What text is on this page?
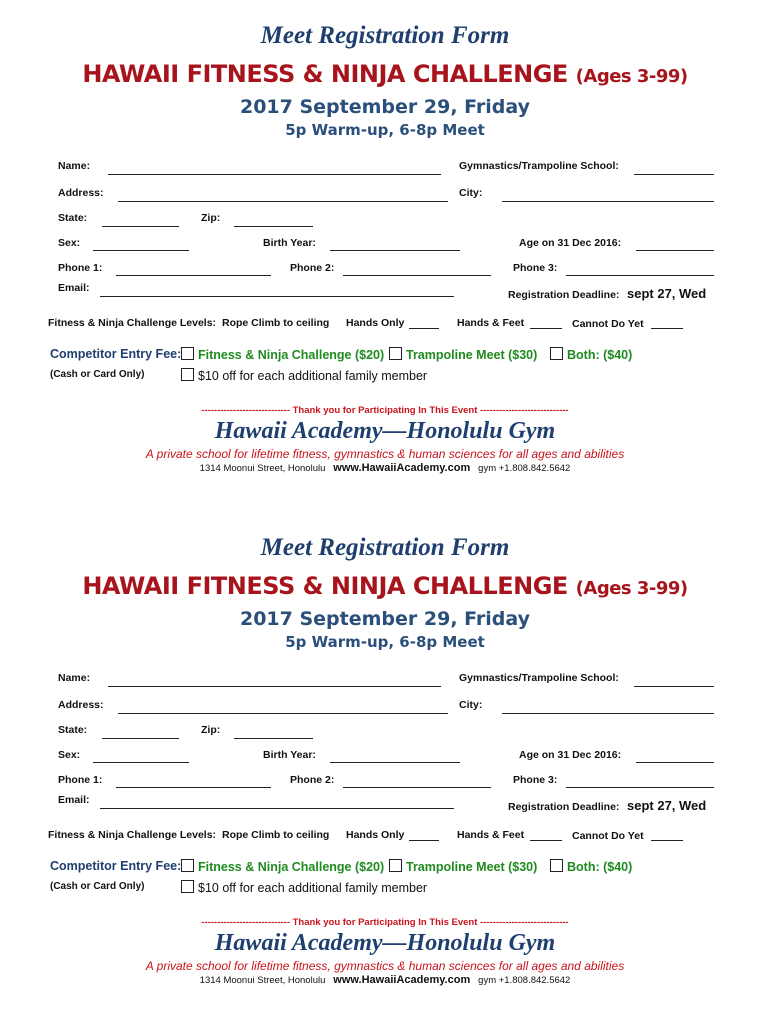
Meet Registration Form
HAWAII FITNESS & NINJA CHALLENGE (Ages 3-99)
2017 September 29, Friday
5p Warm-up, 6-8p Meet
Name:	Gymnastics/Trampoline School:
Address:	City:
State:	Zip:
Sex:	Birth Year:	Age on 31 Dec 2016:
Phone 1:	Phone 2:	Phone 3:
Email:
Registration Deadline: sept 27, Wed
Fitness & Ninja Challenge Levels: Rope Climb to ceiling Hands Only	Hands & Feet	Cannot Do Yet
Competitor Entry Fee:	Fitness & Ninja Challenge ($20)	Trampoline Meet ($30)	Both: ($40)
(Cash or Card Only)	$10 off for each additional family member
---------------------------- Thank you for Participating In This Event ----------------------------
Hawaii Academy—Honolulu Gym
A private school for lifetime fitness, gymnastics & human sciences for all ages and abilities
1314 Moonui Street, Honolulu www.HawaiiAcademy.com gym +1.808.842.5642
Meet Registration Form
HAWAII FITNESS & NINJA CHALLENGE (Ages 3-99)
2017 September 29, Friday
5p Warm-up, 6-8p Meet
Name:	Gymnastics/Trampoline School:
Address:	City:
State:	Zip:
Sex:	Birth Year:	Age on 31 Dec 2016:
Phone 1:	Phone 2:	Phone 3:
Email:
Registration Deadline: sept 27, Wed
Fitness & Ninja Challenge Levels: Rope Climb to ceiling Hands Only	Hands & Feet	Cannot Do Yet
Competitor Entry Fee:	Fitness & Ninja Challenge ($20)	Trampoline Meet ($30)	Both: ($40)
(Cash or Card Only)	$10 off for each additional family member
---------------------------- Thank you for Participating In This Event ----------------------------
Hawaii Academy—Honolulu Gym
A private school for lifetime fitness, gymnastics & human sciences for all ages and abilities
1314 Moonui Street, Honolulu www.HawaiiAcademy.com gym +1.808.842.5642
